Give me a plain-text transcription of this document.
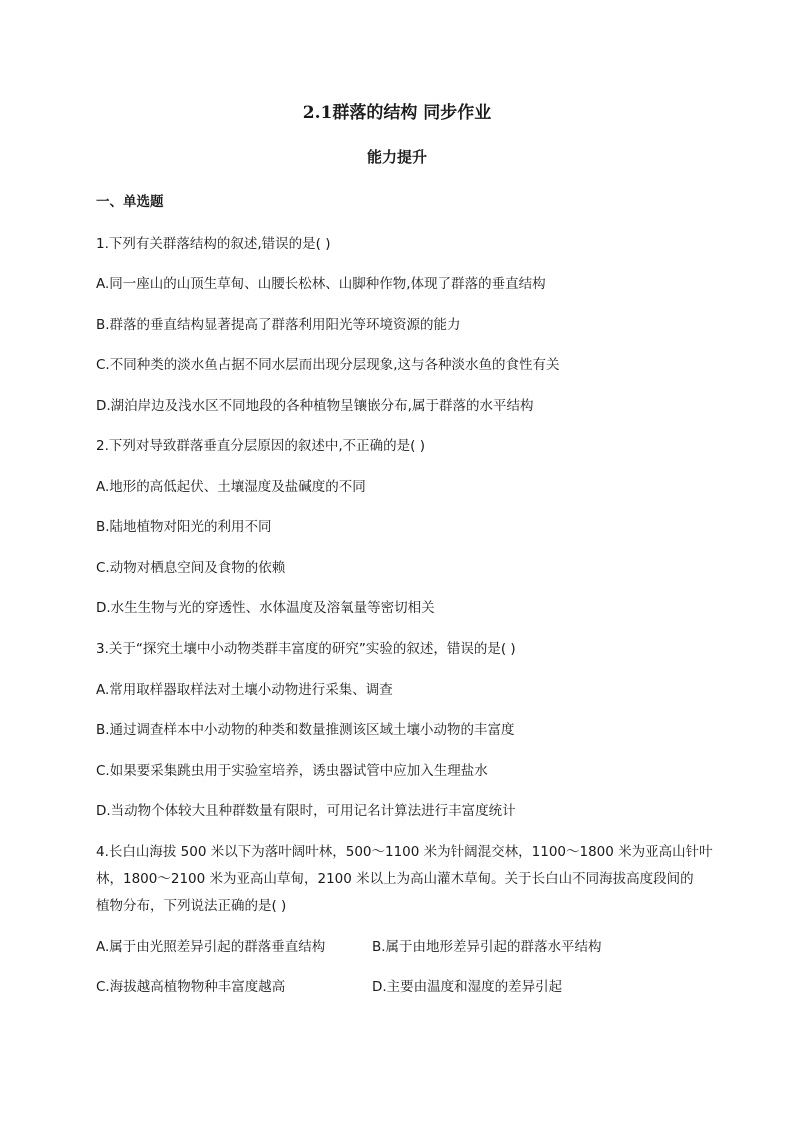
2.1群落的结构 同步作业
能力提升
一、单选题
1.下列有关群落结构的叙述,错误的是( )
A.同一座山的山顶生草甸、山腰长松林、山脚种作物,体现了群落的垂直结构
B.群落的垂直结构显著提高了群落利用阳光等环境资源的能力
C.不同种类的淡水鱼占据不同水层而出现分层现象,这与各种淡水鱼的食性有关
D.湖泊岸边及浅水区不同地段的各种植物呈镶嵌分布,属于群落的水平结构
2.下列对导致群落垂直分层原因的叙述中,不正确的是( )
A.地形的高低起伏、土壤湿度及盐碱度的不同
B.陆地植物对阳光的利用不同
C.动物对栖息空间及食物的依赖
D.水生生物与光的穿透性、水体温度及溶氧量等密切相关
3.关于“探究土壤中小动物类群丰富度的研究”实验的叙述，错误的是( )
A.常用取样器取样法对土壤小动物进行采集、调查
B.通过调查样本中小动物的种类和数量推测该区域土壤小动物的丰富度
C.如果要采集跳虫用于实验室培养，诱虫器试管中应加入生理盐水
D.当动物个体较大且种群数量有限时，可用记名计算法进行丰富度统计
4.长白山海拔 500 米以下为落叶阔叶林，500～1100 米为针阔混交林，1100～1800 米为亚高山针叶
林，1800～2100 米为亚高山草甸，2100 米以上为高山灌木草甸。关于长白山不同海拔高度段间的
植物分布，下列说法正确的是( )
A.属于由光照差异引起的群落垂直结构	B.属于由地形差异引起的群落水平结构
C.海拔越高植物物种丰富度越高	D.主要由温度和湿度的差异引起
